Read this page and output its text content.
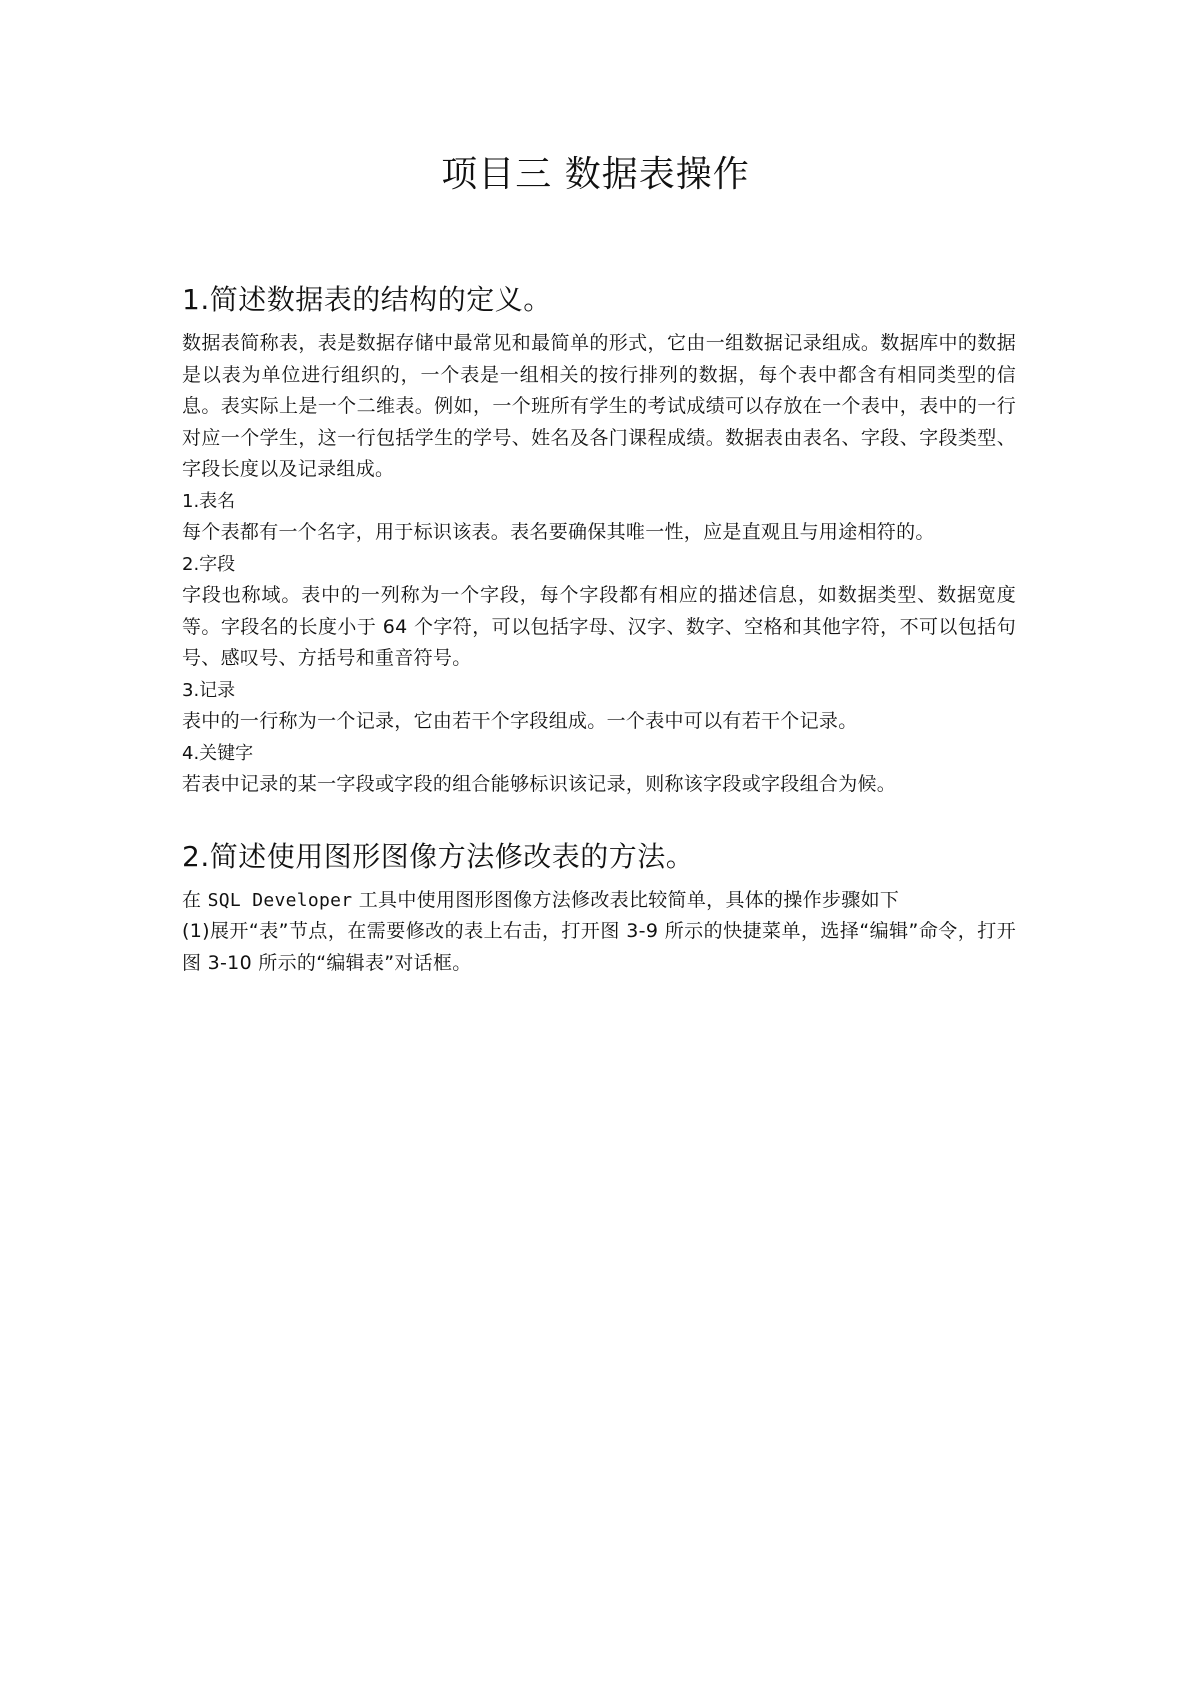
项目三 数据表操作
1.简述数据表的结构的定义。

数据表简称表，表是数据存储中最常见和最简单的形式，它由一组数据记录组成。数据库中的数据是以表为单位进行组织的，一个表是一组相关的按行排列的数据，每个表中都含有相同类型的信息。表实际上是一个二维表。例如，一个班所有学生的考试成绩可以存放在一个表中，表中的一行对应一个学生，这一行包括学生的学号、姓名及各门课程成绩。数据表由表名、字段、字段类型、字段长度以及记录组成。

1.表名

每个表都有一个名字，用于标识该表。表名要确保其唯一性，应是直观且与用途相符的。

2.字段

字段也称域。表中的一列称为一个字段，每个字段都有相应的描述信息，如数据类型、数据宽度等。字段名的长度小于 64 个字符，可以包括字母、汉字、数字、空格和其他字符，不可以包括句号、感叹号、方括号和重音符号。

3.记录

表中的一行称为一个记录，它由若干个字段组成。一个表中可以有若干个记录。

4.关键字

若表中记录的某一字段或字段的组合能够标识该记录，则称该字段或字段组合为候。

2.简述使用图形图像方法修改表的方法。

在 SQL Developer 工具中使用图形图像方法修改表比较简单，具体的操作步骤如下

(1)展开“表”节点，在需要修改的表上右击，打开图 3-9 所示的快捷菜单，选择“编辑”命令，打开图 3-10 所示的“编辑表”对话框。
